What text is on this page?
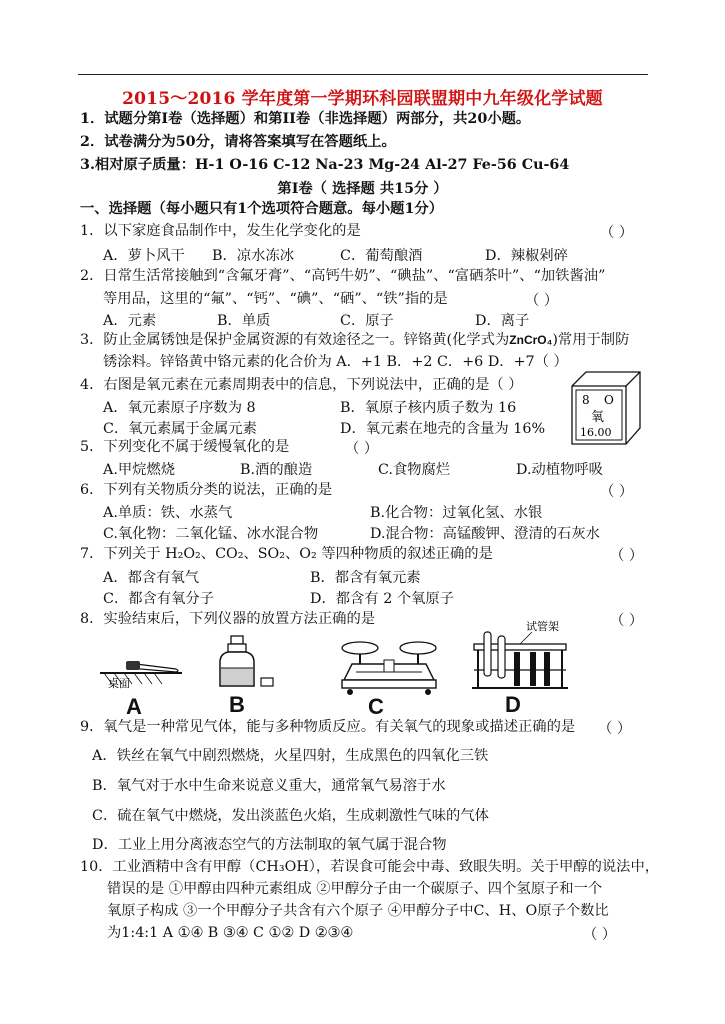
2015～2016 学年度第一学期环科园联盟期中九年级化学试题
1．试题分第Ⅰ卷（选择题）和第II卷（非选择题）两部分，共20小题。
2．试卷满分为50分，请将答案填写在答题纸上。
3.相对原子质量：H-1 O-16 C-12 Na-23 Mg-24 Al-27 Fe-56 Cu-64
第Ⅰ卷（ 选择题 共15分 ）
一、选择题（每小题只有1个选项符合题意。每小题1分）
1．以下家庭食品制作中，发生化学变化的是	（ ）
A．萝卜风干 B．凉水冻冰	C．葡萄酿酒	D．辣椒剁碎
2．日常生活常接触到“含氟牙膏”、“高钙牛奶”、“碘盐”、“富硒茶叶”、“加铁酱油”
等用品，这里的“氟”、“钙”、“碘”、“硒”、“铁”指的是	（ ）
A．元素	B．单质	C．原子	D．离子
3．防止金属锈蚀是保护金属资源的有效途径之一。锌铬黄(化学式为ZnCrO₄)常用于制防
锈涂料。锌铬黄中铬元素的化合价为 A．+1 B．+2 C．+6 D．+7（ ）
4．右图是氧元素在元素周期表中的信息，下列说法中，正确的是（ ）
A．氧元素原子序数为 8	B．氧原子核内质子数为 16
C．氧元素属于金属元素	D．氧元素在地壳的含量为 16%
8 O
氧
16.00
5．下列变化不属于缓慢氧化的是	（ ）
A.甲烷燃烧	B.酒的酿造	C.食物腐烂	D.动植物呼吸
6．下列有关物质分类的说法，正确的是	（ ）
A.单质：铁、水蒸气	B.化合物：过氧化氢、水银
C.氧化物：二氧化锰、冰水混合物	D.混合物：高锰酸钾、澄清的石灰水
7．下列关于 H₂O₂、CO₂、SO₂、O₂ 等四种物质的叙述正确的是	（ ）
A．都含有氧气	B．都含有氧元素
C．都含有氧分子	D．都含有 2 个氧原子
8．实验结束后，下列仪器的放置方法正确的是	（ ）
桌面
A	B	C
试管架
D
9．氧气是一种常见气体，能与多种物质反应。有关氧气的现象或描述正确的是 （ ）
A．铁丝在氧气中剧烈燃烧，火星四射，生成黑色的四氧化三铁
B．氧气对于水中生命来说意义重大，通常氧气易溶于水
C．硫在氧气中燃烧，发出淡蓝色火焰，生成刺激性气味的气体
D．工业上用分离液态空气的方法制取的氧气属于混合物
10．工业酒精中含有甲醇（CH₃OH），若误食可能会中毒、致眼失明。关于甲醇的说法中，
错误的是 ①甲醇由四种元素组成 ②甲醇分子由一个碳原子、四个氢原子和一个
氧原子构成 ③一个甲醇分子共含有六个原子 ④甲醇分子中C、H、O原子个数比
为1:4:1 A ①④ B ③④ C ①② D ②③④	（ ）
